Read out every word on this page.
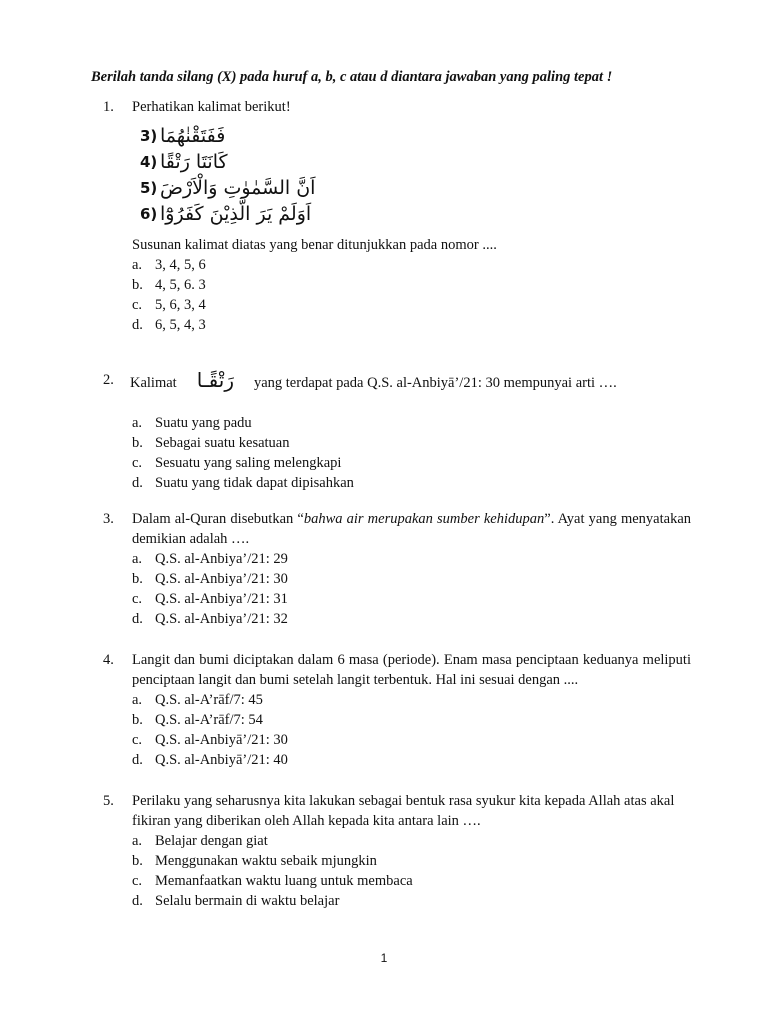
Berilah tanda silang (X) pada huruf a, b, c atau d diantara jawaban yang paling tepat !
1. Perhatikan kalimat berikut!
3) فَفَتَقْنٰهُمَا
4) كَانَتَا رَتْقًا
5) اَنَّ السَّمٰوٰتِ وَالْاَرْضَ
6) اَوَلَمْ يَرَ الَّذِيْنَ كَفَرُوْٓا
Susunan kalimat diatas yang benar ditunjukkan pada nomor ....
a. 3, 4, 5, 6
b. 4, 5, 6. 3
c. 5, 6, 3, 4
d. 6, 5, 4, 3
2. Kalimat رَتْقًـا yang terdapat pada Q.S. al-Anbiyā’/21: 30 mempunyai arti ….
a. Suatu yang padu
b. Sebagai suatu kesatuan
c. Sesuatu yang saling melengkapi
d. Suatu yang tidak dapat dipisahkan
3. Dalam al-Quran disebutkan “bahwa air merupakan sumber kehidupan”. Ayat yang menyatakan demikian adalah ….
a. Q.S. al-Anbiya’/21: 29
b. Q.S. al-Anbiya’/21: 30
c. Q.S. al-Anbiya’/21: 31
d. Q.S. al-Anbiya’/21: 32
4. Langit dan bumi diciptakan dalam 6 masa (periode). Enam masa penciptaan keduanya meliputi penciptaan langit dan bumi setelah langit terbentuk. Hal ini sesuai dengan ....
a. Q.S. al-A’rāf/7: 45
b. Q.S. al-A’rāf/7: 54
c. Q.S. al-Anbiyā’/21: 30
d. Q.S. al-Anbiyā’/21: 40
5. Perilaku yang seharusnya kita lakukan sebagai bentuk rasa syukur kita kepada Allah atas akal fikiran yang diberikan oleh Allah kepada kita antara lain ….
a. Belajar dengan giat
b. Menggunakan waktu sebaik mjungkin
c. Memanfaatkan waktu luang untuk membaca
d. Selalu bermain di waktu belajar
1
